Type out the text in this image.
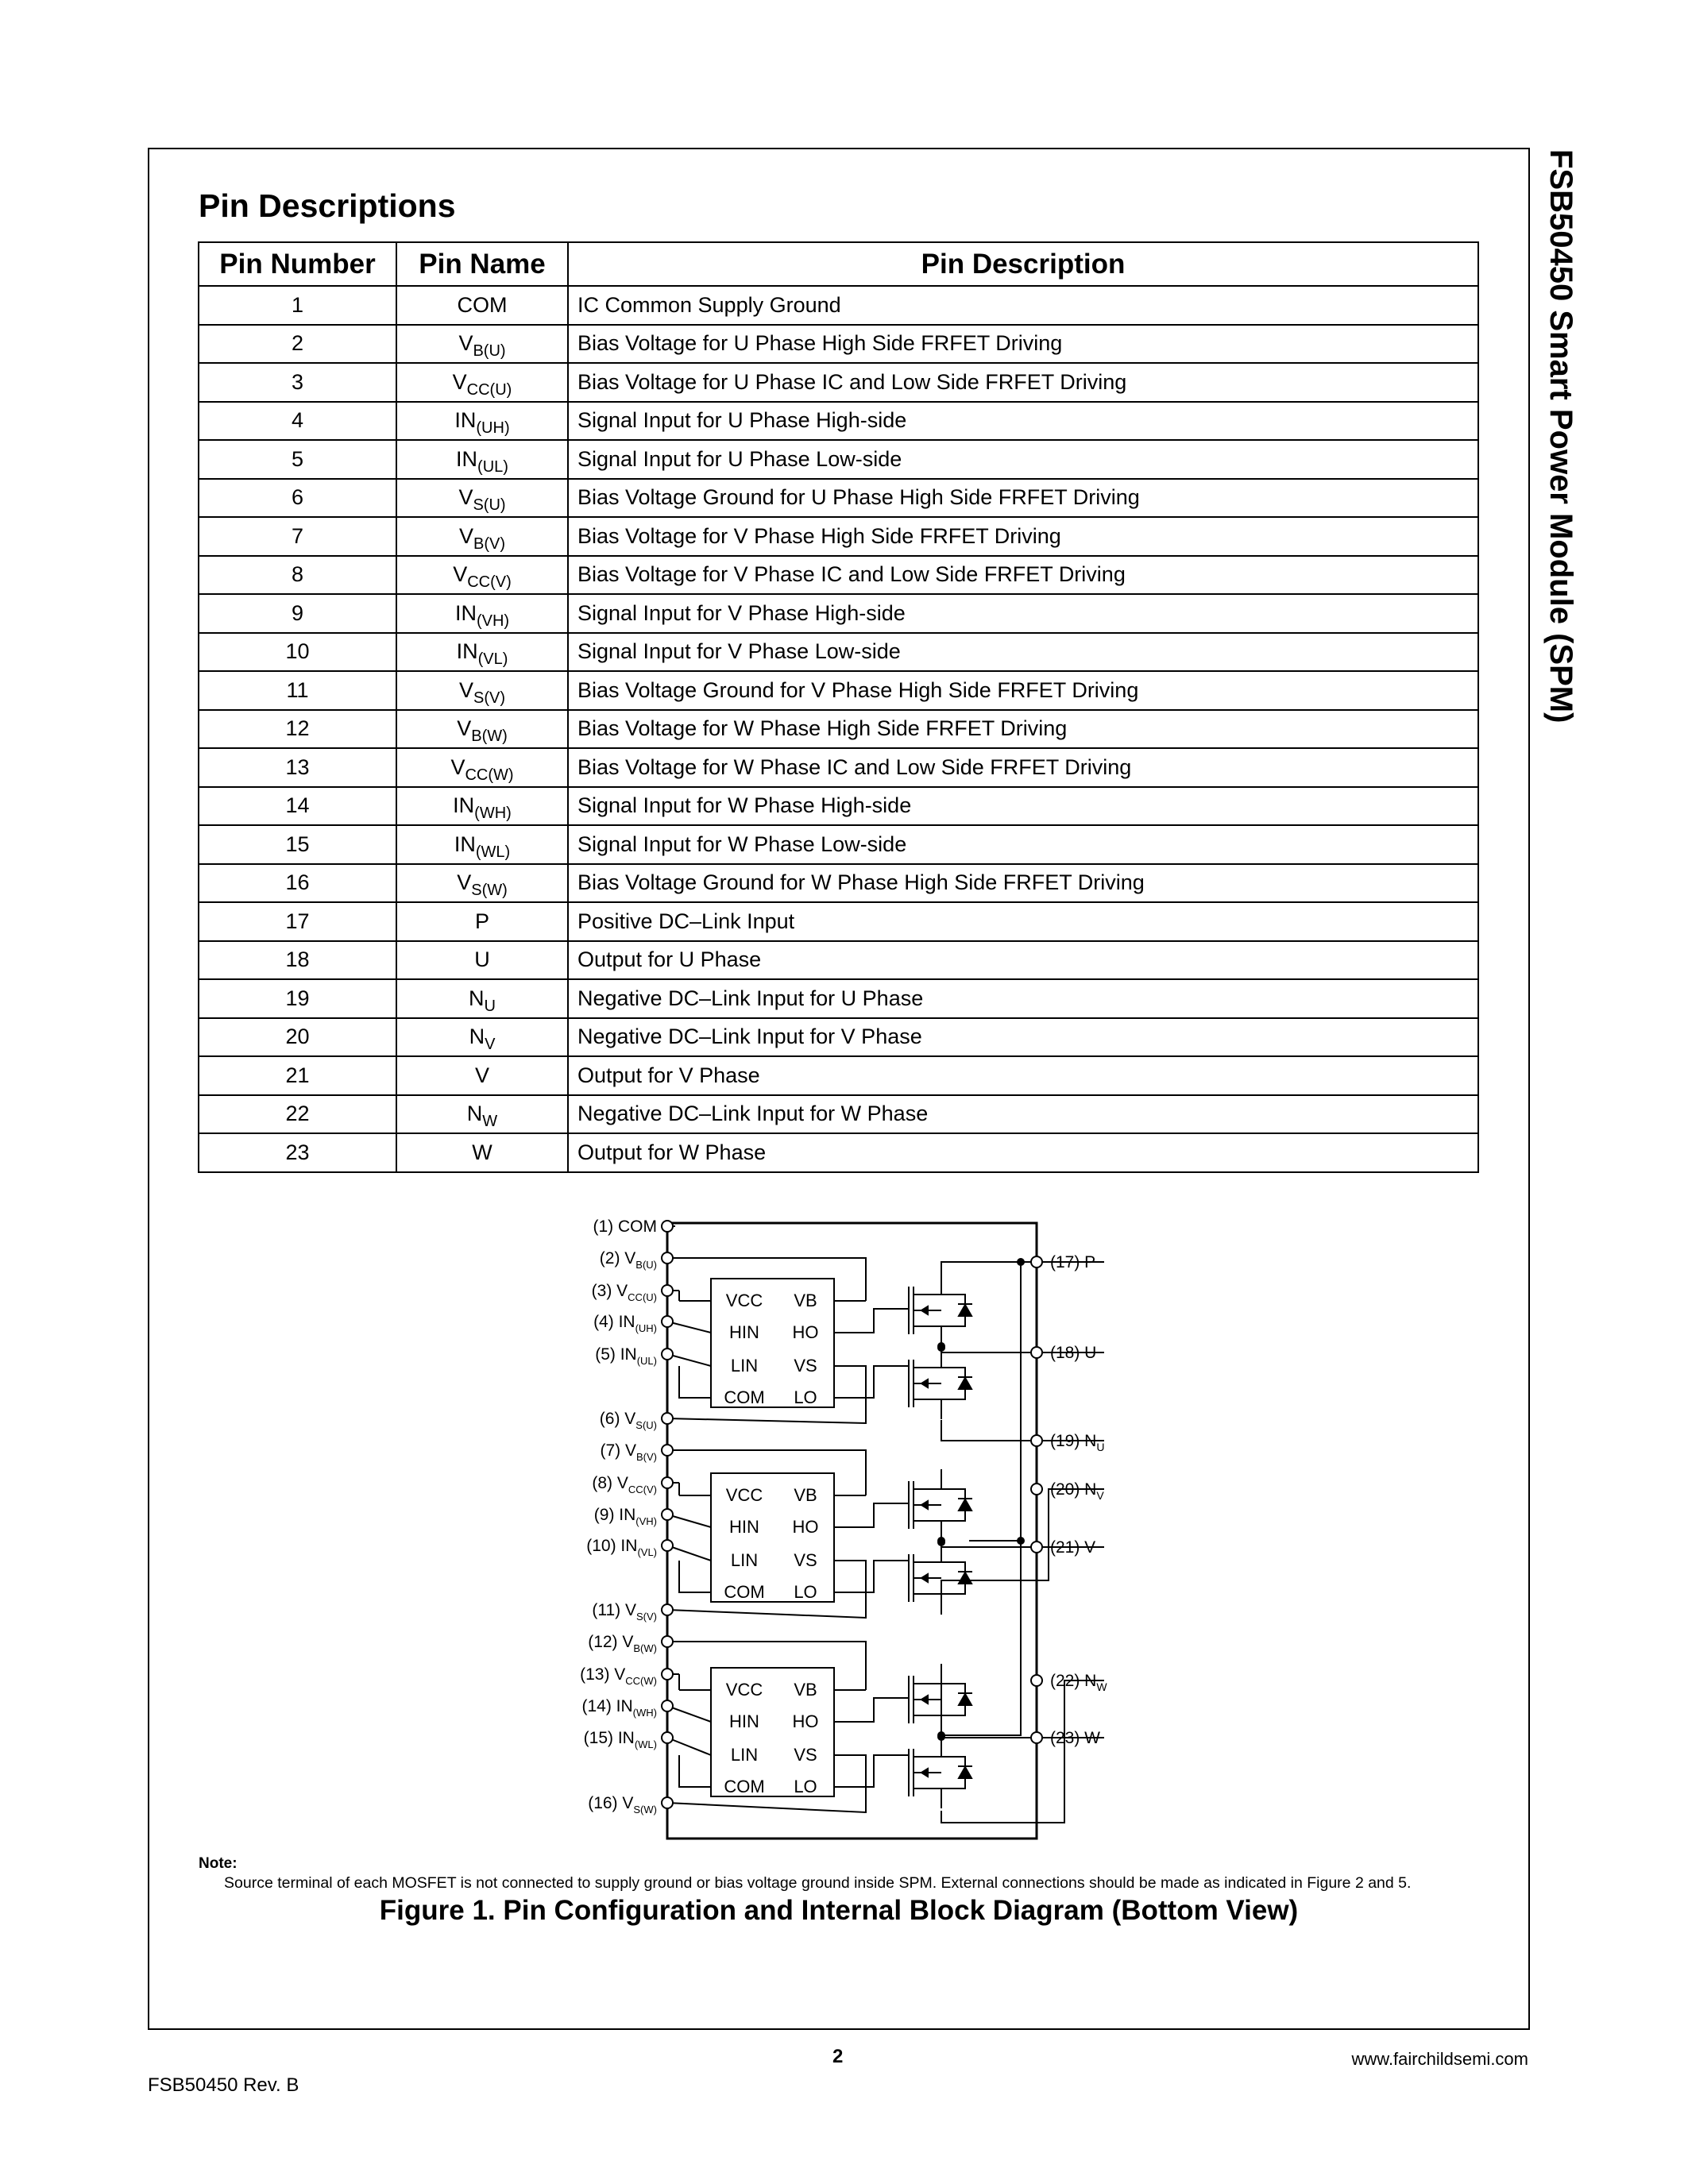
FSB50450 Smart Power Module (SPM)
Pin Descriptions
Pin Number	Pin Name	Pin Description
1	COM	IC Common Supply Ground
2	$V_{B(U)}$	Bias Voltage for U Phase High Side FRFET Driving
3	$V_{CC(U)}$	Bias Voltage for U Phase IC and Low Side FRFET Driving
4	$IN_{(UH)}$	Signal Input for U Phase High-side
5	$IN_{(UL)}$	Signal Input for U Phase Low-side
6	$V_{S(U)}$	Bias Voltage Ground for U Phase High Side FRFET Driving
7	$V_{B(V)}$	Bias Voltage for V Phase High Side FRFET Driving
8	$V_{CC(V)}$	Bias Voltage for V Phase IC and Low Side FRFET Driving
9	$IN_{(VH)}$	Signal Input for V Phase High-side
10	$IN_{(VL)}$	Signal Input for V Phase Low-side
11	$V_{S(V)}$	Bias Voltage Ground for V Phase High Side FRFET Driving
12	$V_{B(W)}$	Bias Voltage for W Phase High Side FRFET Driving
13	$V_{CC(W)}$	Bias Voltage for W Phase IC and Low Side FRFET Driving
14	$IN_{(WH)}$	Signal Input for W Phase High-side
15	$IN_{(WL)}$	Signal Input for W Phase Low-side
16	$V_{S(W)}$	Bias Voltage Ground for W Phase High Side FRFET Driving
17	P	Positive DC–Link Input
18	U	Output for U Phase
19	$N_U$	Negative DC–Link Input for U Phase
20	$N_V$	Negative DC–Link Input for V Phase
21	V	Output for V Phase
22	$N_W$	Negative DC–Link Input for W Phase
23	W	Output for W Phase
VCC VB
HIN HO
LIN VS
COM LO
VCC VB
HIN HO
LIN VS
COM LO
VCC VB
HIN HO
LIN VS
COM LO
(1) COM
(2) $V_{B(U)}$
(3) $V_{CC(U)}$
(4) $IN_{(UH)}$
(5) $IN_{(UL)}$
(6) $V_{S(U)}$
(7) $V_{B(V)}$
(8) $V_{CC(V)}$
(9) $IN_{(VH)}$
(10) $IN_{(VL)}$
(11) $V_{S(V)}$
(12) $V_{B(W)}$
(13) $V_{CC(W)}$
(14) $IN_{(WH)}$
(15) $IN_{(WL)}$
(16) $V_{S(W)}$
(17) P
(18) U
(19) $N_U$
(20) $N_V$
(21) V
(22) $N_W$
(23) W
Note:
Source terminal of each MOSFET is not connected to supply ground or bias voltage ground inside SPM. External connections should be made as indicated in Figure 2 and 5.
Figure 1. Pin Configuration and Internal Block Diagram (Bottom View)
2	www.fairchildsemi.com
FSB50450 Rev. B
